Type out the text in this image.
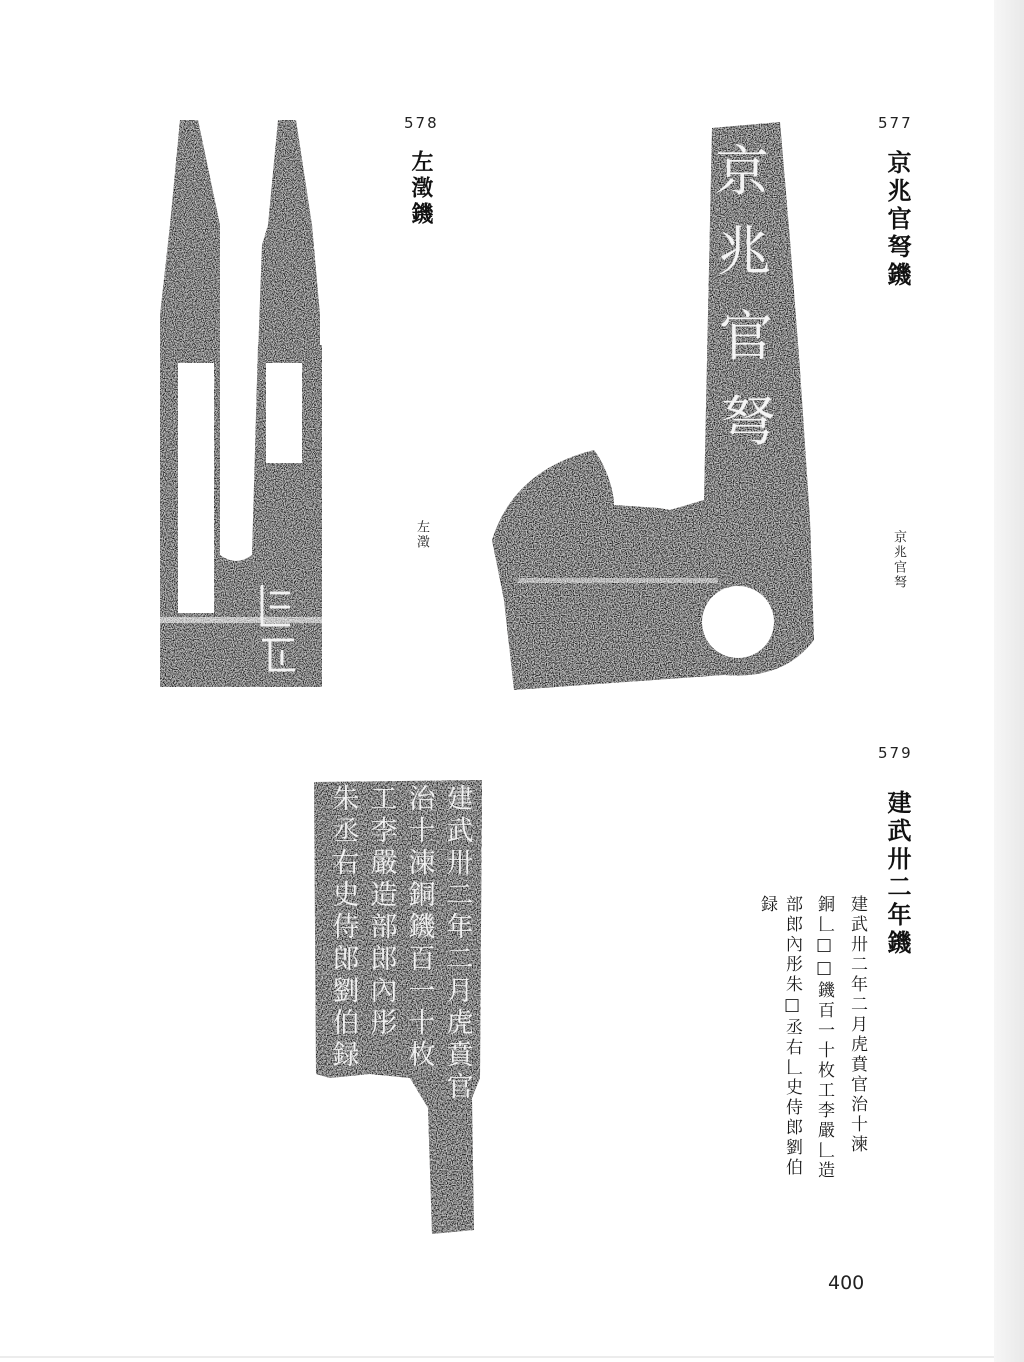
578
左澂鐖
左澂
577
京兆官弩鐖
京兆官弩
京
兆
官
弩
579
建武卅二年鐖
建武卅二年二月虎賁官治十湅
銅𠃊□□鐖百一十枚工李嚴𠃊造
部郎內彤朱□丞右𠃊史侍郎劉伯
録
建
武
卅
二
年
二
月
虎
賁
官
治
十
湅
銅
鐖
百
一
十
枚
工
李
嚴
造
部
郎
內
彤
朱
丞
右
史
侍
郎
劉
伯
録
400
